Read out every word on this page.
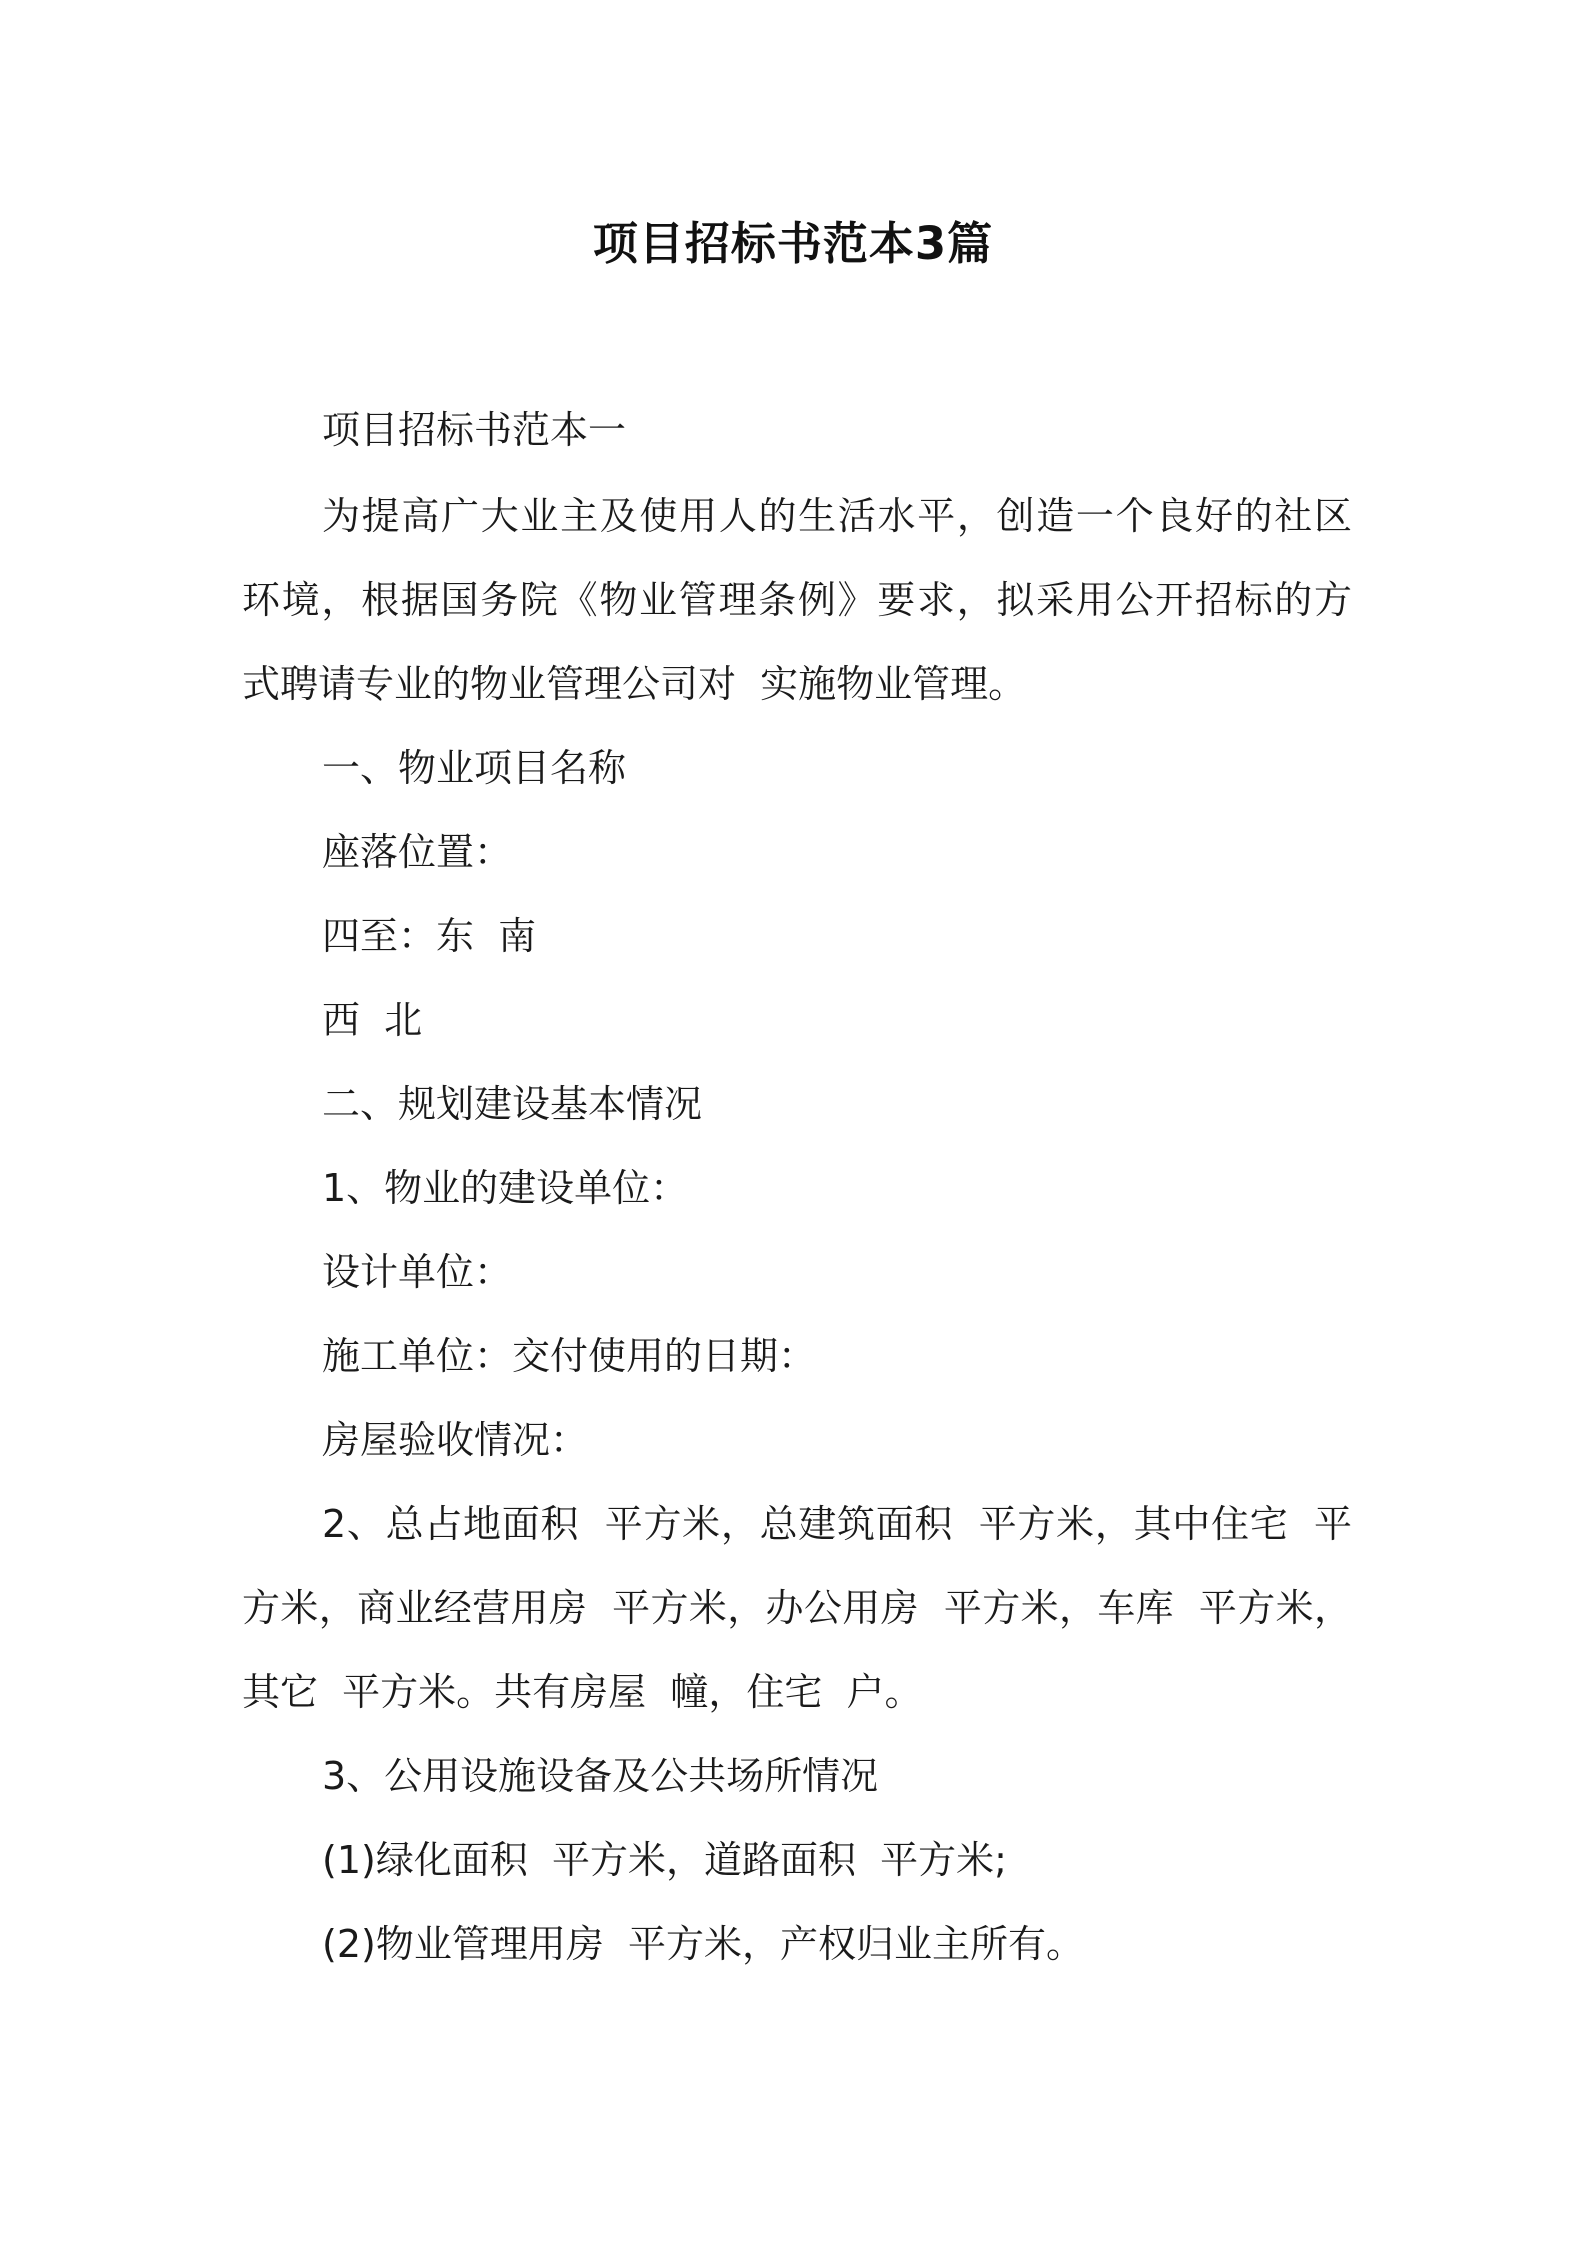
项目招标书范本3篇
项目招标书范本一
为提高广大业主及使用人的生活水平，创造一个良好的社区
环境，根据国务院《物业管理条例》要求，拟采用公开招标的方
式聘请专业的物业管理公司对  实施物业管理。
一、物业项目名称
座落位置：
四至：东  南
西  北
二、规划建设基本情况
1、物业的建设单位：
设计单位：
施工单位：交付使用的日期：
房屋验收情况：
2、总占地面积  平方米，总建筑面积  平方米，其中住宅  平
方米，商业经营用房  平方米，办公用房  平方米，车库  平方米，
其它  平方米。共有房屋  幢，住宅  户。
3、公用设施设备及公共场所情况
(1)绿化面积  平方米，道路面积  平方米;
(2)物业管理用房  平方米，产权归业主所有。
